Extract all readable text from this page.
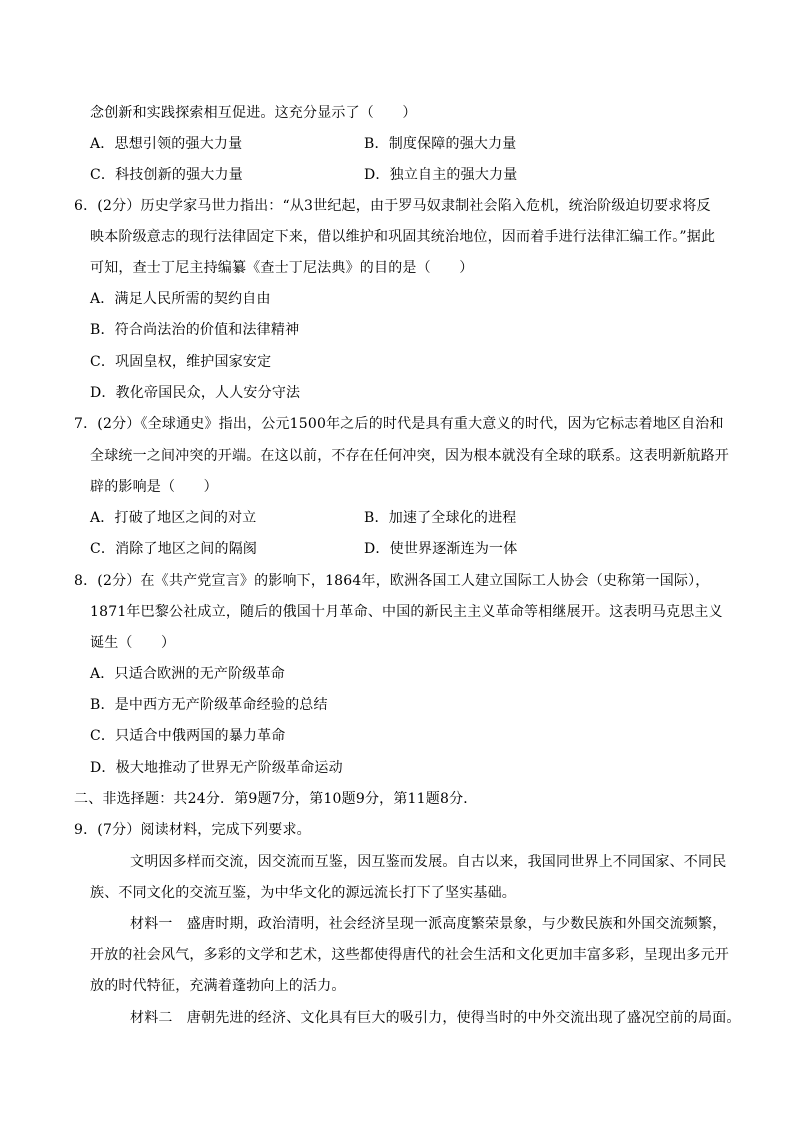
念创新和实践探索相互促进。这充分显示了（　　）
A．思想引领的强大力量	B．制度保障的强大力量
C．科技创新的强大力量	D．独立自主的强大力量
6．(2分）历史学家马世力指出：“从3世纪起，由于罗马奴隶制社会陷入危机，统治阶级迫切要求将反
映本阶级意志的现行法律固定下来，借以维护和巩固其统治地位，因而着手进行法律汇编工作。”据此
可知，查士丁尼主持编纂《查士丁尼法典》的目的是（　　）
A．满足人民所需的契约自由
B．符合尚法治的价值和法律精神
C．巩固皇权，维护国家安定
D．教化帝国民众，人人安分守法
7．(2分）《全球通史》指出，公元1500年之后的时代是具有重大意义的时代，因为它标志着地区自治和
全球统一之间冲突的开端。在这以前，不存在任何冲突，因为根本就没有全球的联系。这表明新航路开
辟的影响是（　　）
A．打破了地区之间的对立	B．加速了全球化的进程
C．消除了地区之间的隔阂	D．使世界逐渐连为一体
8．(2分）在《共产党宣言》的影响下，1864年，欧洲各国工人建立国际工人协会（史称第一国际），
1871年巴黎公社成立，随后的俄国十月革命、中国的新民主主义革命等相继展开。这表明马克思主义
诞生（　　）
A．只适合欧洲的无产阶级革命
B．是中西方无产阶级革命经验的总结
C．只适合中俄两国的暴力革命
D．极大地推动了世界无产阶级革命运动
二、非选择题：共24分．第9题7分，第10题9分，第11题8分．
9．(7分）阅读材料，完成下列要求。
文明因多样而交流，因交流而互鉴，因互鉴而发展。自古以来，我国同世界上不同国家、不同民
族、不同文化的交流互鉴，为中华文化的源远流长打下了坚实基础。
材料一　盛唐时期，政治清明，社会经济呈现一派高度繁荣景象，与少数民族和外国交流频繁，
开放的社会风气，多彩的文学和艺术，这些都使得唐代的社会生活和文化更加丰富多彩，呈现出多元开
放的时代特征，充满着蓬勃向上的活力。
材料二　唐朝先进的经济、文化具有巨大的吸引力，使得当时的中外交流出现了盛况空前的局面。
